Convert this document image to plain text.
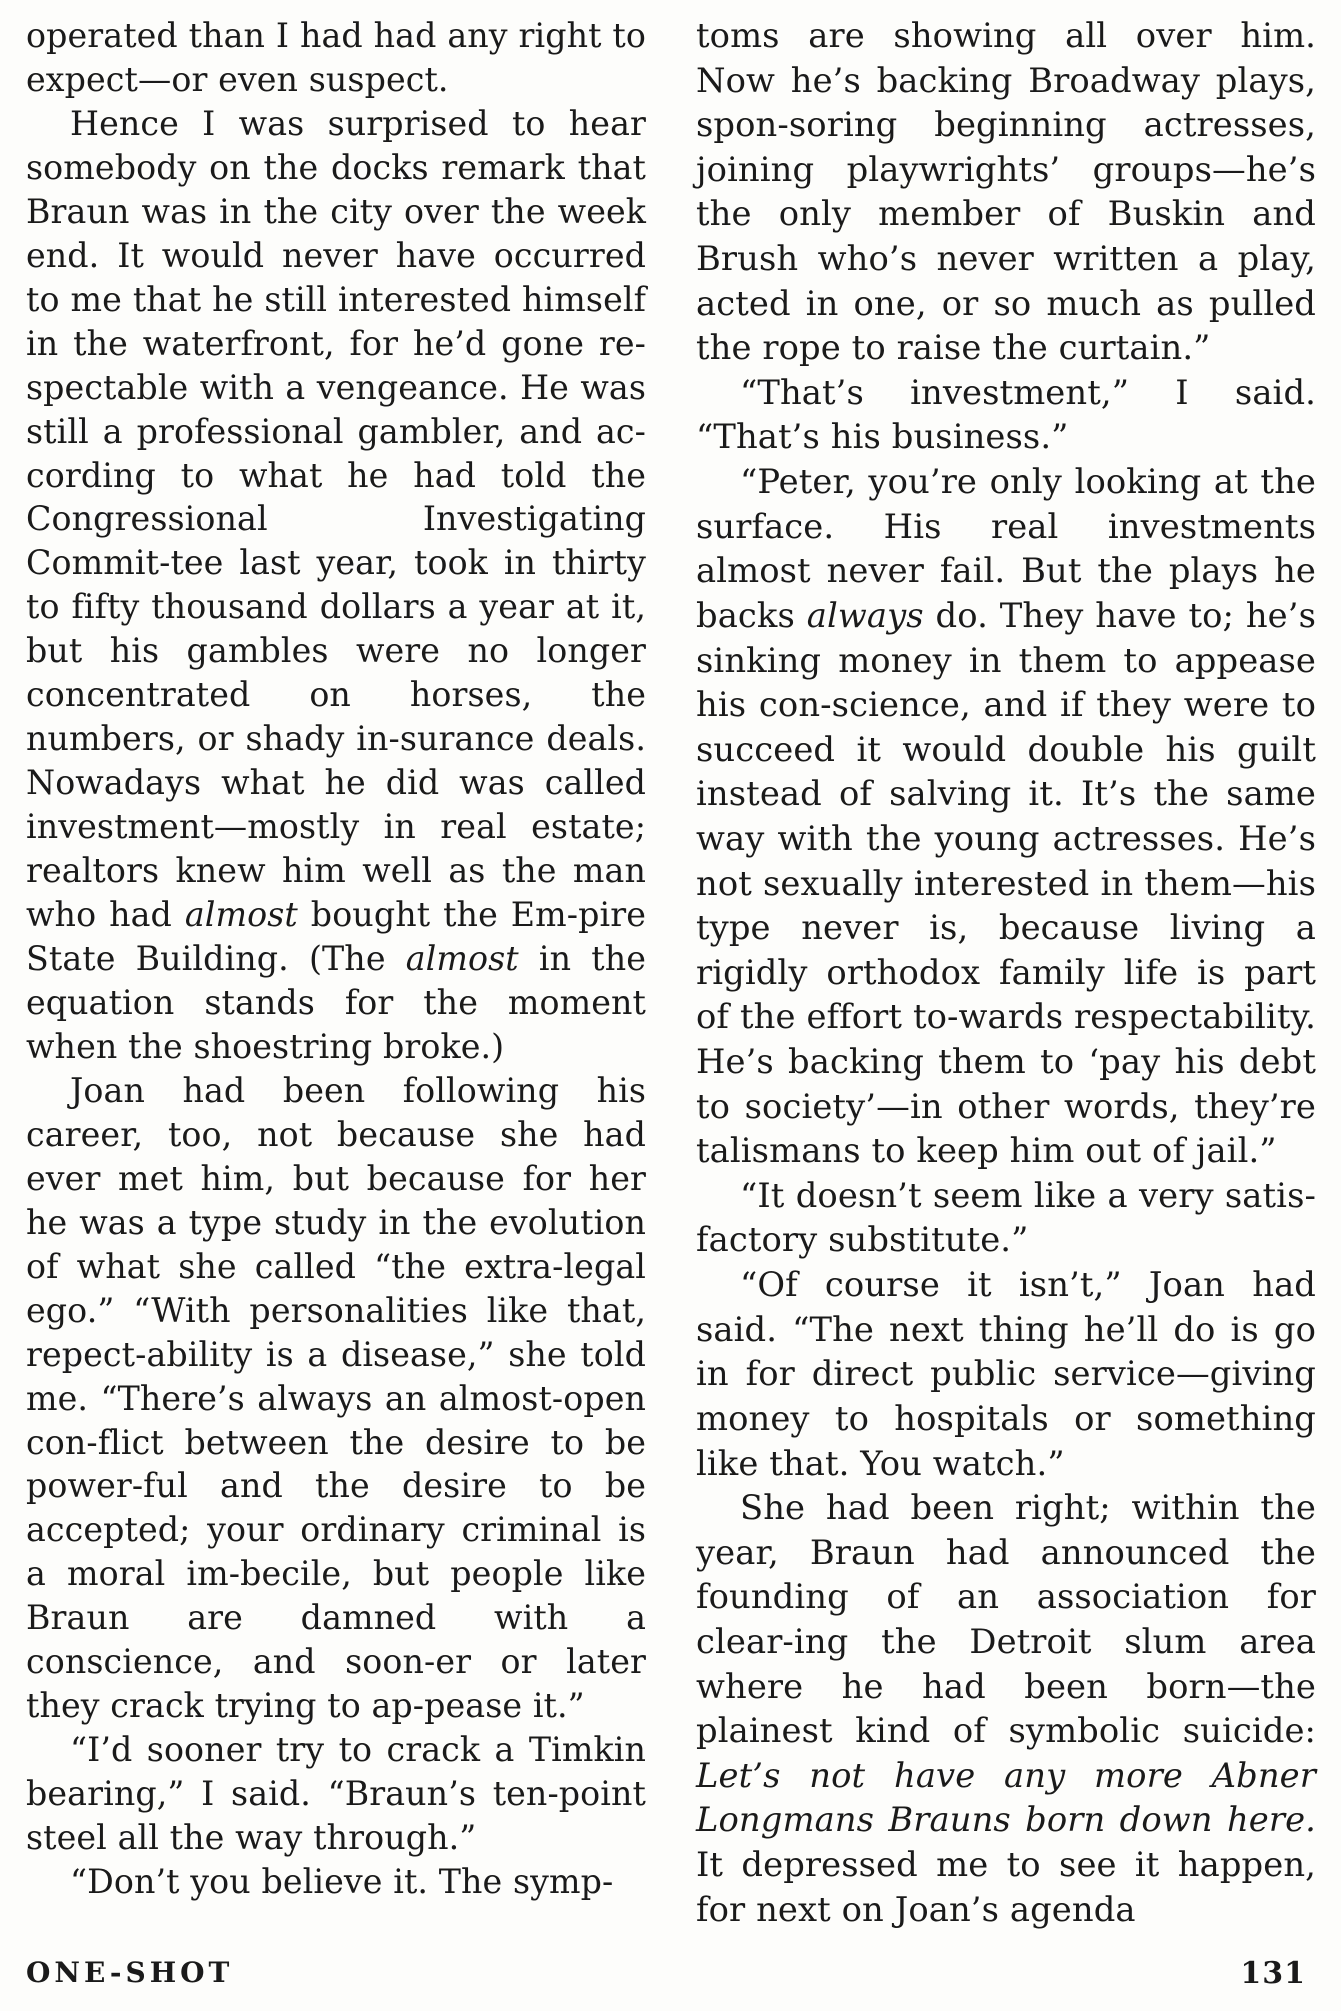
operated than I had had any right to expect—or even suspect.

Hence I was surprised to hear somebody on the docks remark that Braun was in the city over the week end. It would never have occurred to me that he still interested himself in the waterfront, for he’d gone re-spectable with a vengeance. He was still a professional gambler, and ac-cording to what he had told the Congressional Investigating Commit-tee last year, took in thirty to fifty thousand dollars a year at it, but his gambles were no longer concentrated on horses, the numbers, or shady in-surance deals. Nowadays what he did was called investment—mostly in real estate; realtors knew him well as the man who had almost bought the Em-pire State Building. (The almost in the equation stands for the moment when the shoestring broke.)

Joan had been following his career, too, not because she had ever met him, but because for her he was a type study in the evolution of what she called “the extra-legal ego.” “With personalities like that, repect-ability is a disease,” she told me. “There’s always an almost-open con-flict between the desire to be power-ful and the desire to be accepted; your ordinary criminal is a moral im-becile, but people like Braun are damned with a conscience, and soon-er or later they crack trying to ap-pease it.”

“I’d sooner try to crack a Timkin bearing,” I said. “Braun’s ten-point steel all the way through.”

“Don’t you believe it. The symp-

toms are showing all over him. Now he’s backing Broadway plays, spon-soring beginning actresses, joining playwrights’ groups—he’s the only member of Buskin and Brush who’s never written a play, acted in one, or so much as pulled the rope to raise the curtain.”

“That’s investment,” I said. “That’s his business.”

“Peter, you’re only looking at the surface. His real investments almost never fail. But the plays he backs always do. They have to; he’s sinking money in them to appease his con-science, and if they were to succeed it would double his guilt instead of salving it. It’s the same way with the young actresses. He’s not sexually interested in them—his type never is, because living a rigidly orthodox family life is part of the effort to-wards respectability. He’s backing them to ‘pay his debt to society’—in other words, they’re talismans to keep him out of jail.”

“It doesn’t seem like a very satis-factory substitute.”

“Of course it isn’t,” Joan had said. “The next thing he’ll do is go in for direct public service—giving money to hospitals or something like that. You watch.”

She had been right; within the year, Braun had announced the founding of an association for clear-ing the Detroit slum area where he had been born—the plainest kind of symbolic suicide: Let’s not have any more Abner Longmans Brauns born down here. It depressed me to see it happen, for next on Joan’s agenda

ONE-SHOT	131
